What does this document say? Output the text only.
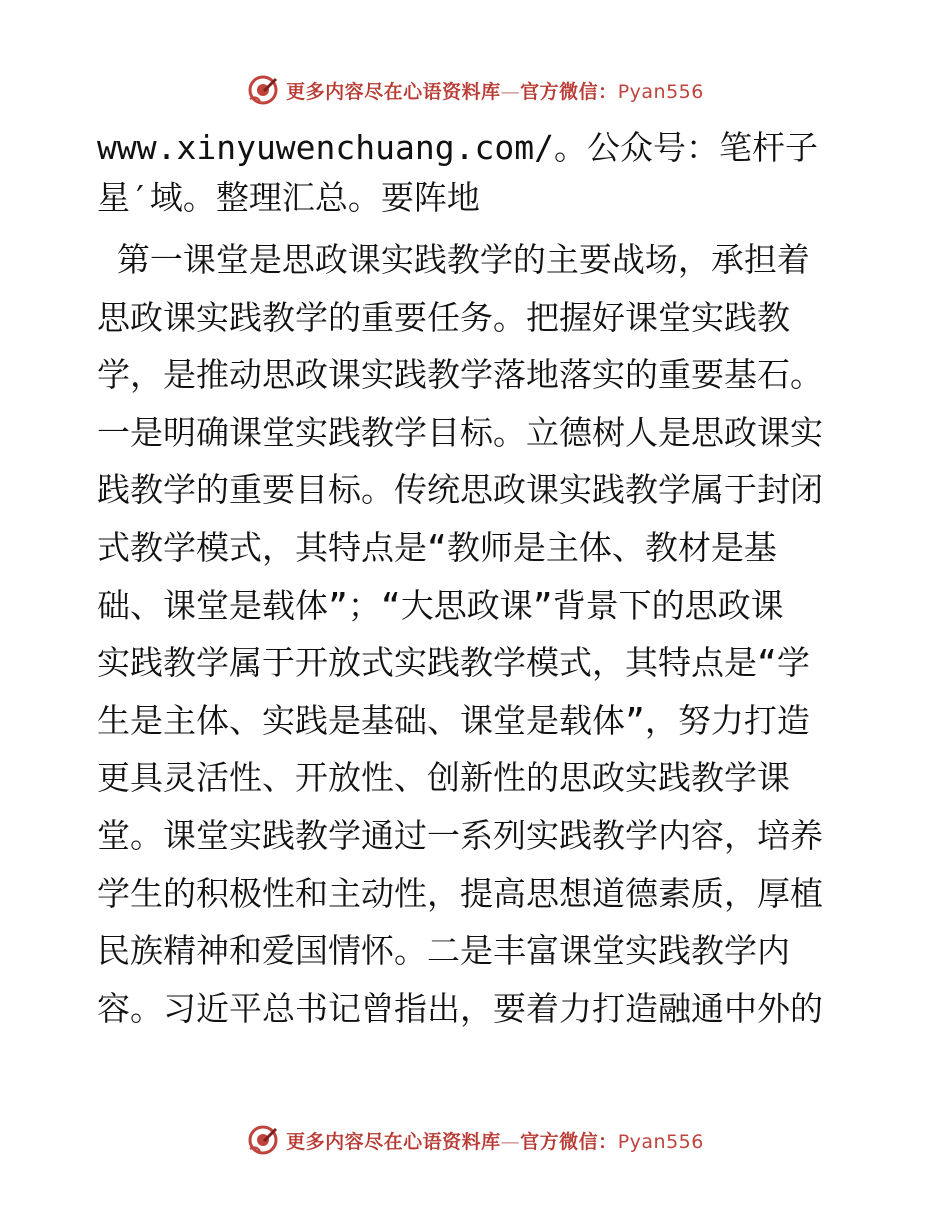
更多内容尽在心语资料库—官方微信：Pyan556
www.xinyuwenchuang.com/。公众号：笔杆子
星′域。整理汇总。要阵地
第一课堂是思政课实践教学的主要战场，承担着
思政课实践教学的重要任务。把握好课堂实践教
学，是推动思政课实践教学落地落实的重要基石。
一是明确课堂实践教学目标。立德树人是思政课实
践教学的重要目标。传统思政课实践教学属于封闭
式教学模式，其特点是“教师是主体、教材是基
础、课堂是载体”；“大思政课”背景下的思政课
实践教学属于开放式实践教学模式，其特点是“学
生是主体、实践是基础、课堂是载体”，努力打造
更具灵活性、开放性、创新性的思政实践教学课
堂。课堂实践教学通过一系列实践教学内容，培养
学生的积极性和主动性，提高思想道德素质，厚植
民族精神和爱国情怀。二是丰富课堂实践教学内
容。习近平总书记曾指出，要着力打造融通中外的
更多内容尽在心语资料库—官方微信：Pyan556
